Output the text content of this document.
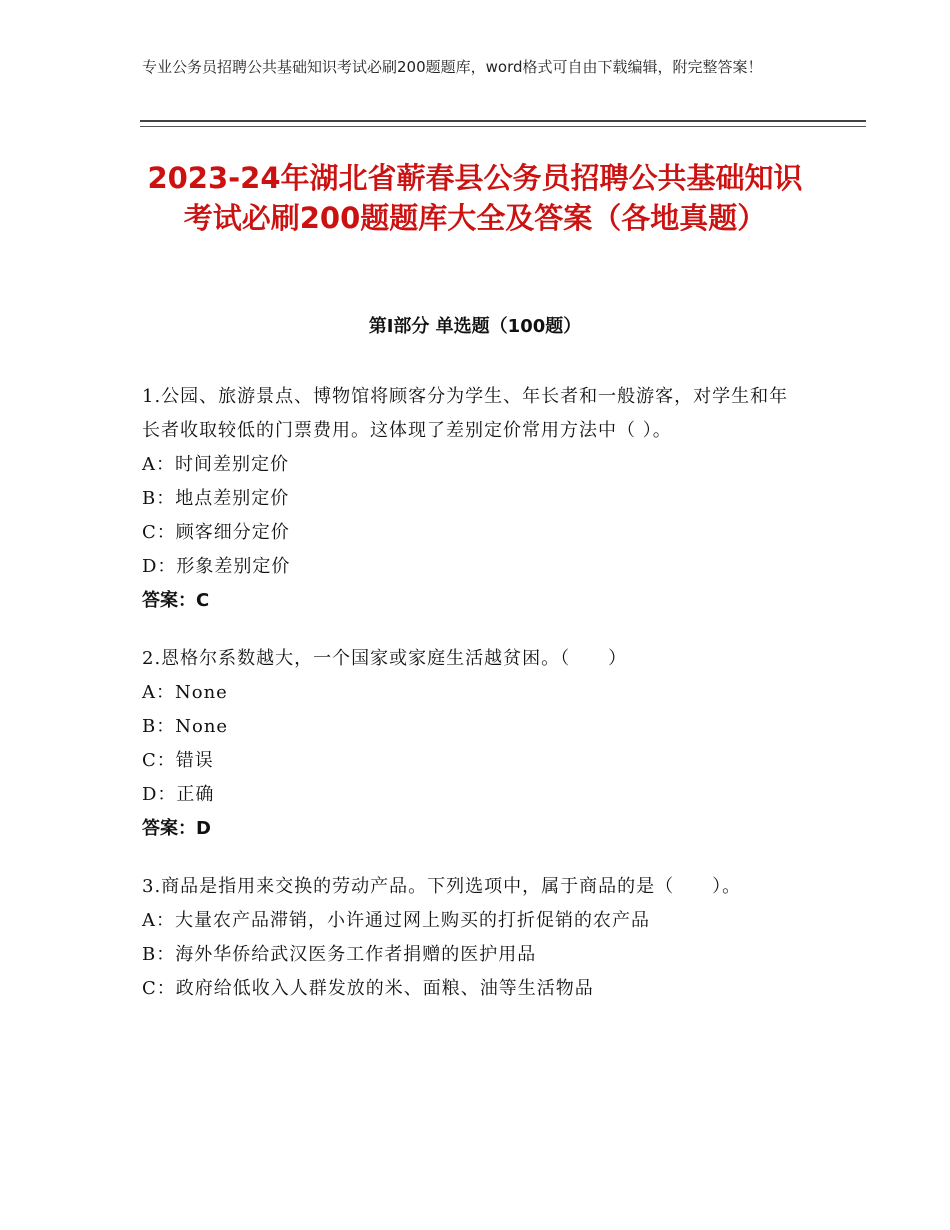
专业公务员招聘公共基础知识考试必刷200题题库，word格式可自由下载编辑，附完整答案！
2023-24年湖北省蕲春县公务员招聘公共基础知识考试必刷200题题库大全及答案（各地真题）
第Ⅰ部分 单选题（100题）
1.公园、旅游景点、博物馆将顾客分为学生、年长者和一般游客，对学生和年长者收取较低的门票费用。这体现了差别定价常用方法中（ ）。
A：时间差别定价
B：地点差别定价
C：顾客细分定价
D：形象差别定价
答案：C
2.恩格尔系数越大，一个国家或家庭生活越贫困。（　　）
A：None
B：None
C：错误
D：正确
答案：D
3.商品是指用来交换的劳动产品。下列选项中，属于商品的是（　　）。
A：大量农产品滞销，小许通过网上购买的打折促销的农产品
B：海外华侨给武汉医务工作者捐赠的医护用品
C：政府给低收入人群发放的米、面粮、油等生活物品
